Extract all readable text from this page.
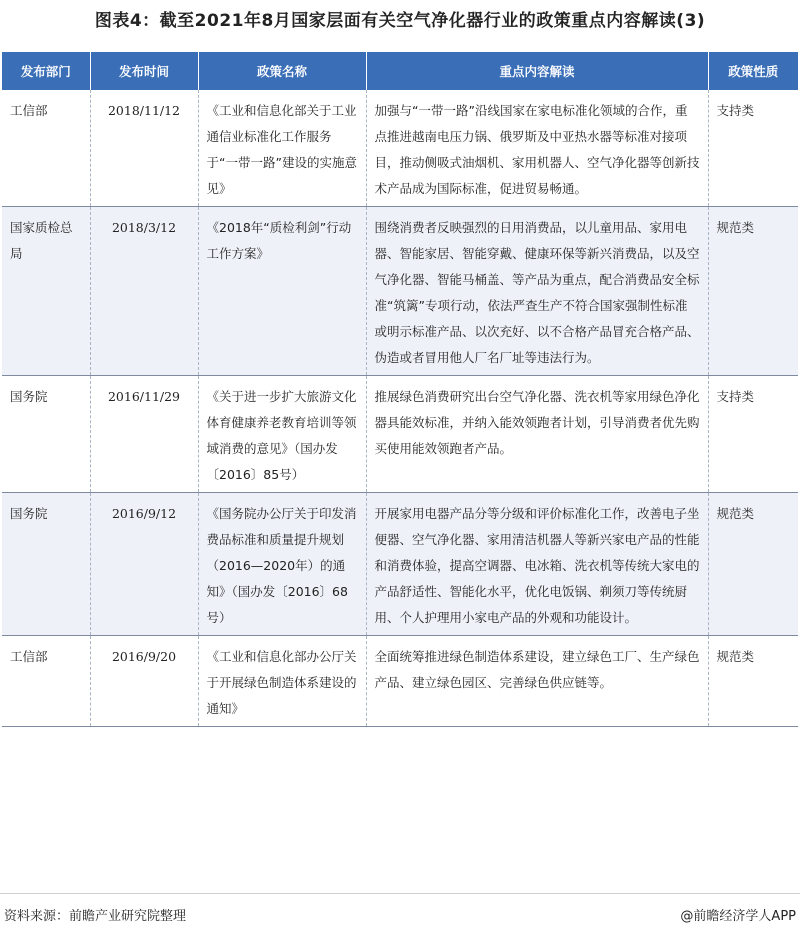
图表4：截至2021年8月国家层面有关空气净化器行业的政策重点内容解读(3)
发布部门	发布时间	政策名称	重点内容解读	政策性质
工信部	2018/11/12	《工业和信息化部关于工业通信业标准化工作服务于“一带一路”建设的实施意见》	加强与“一带一路”沿线国家在家电标准化领域的合作，重点推进越南电压力锅、俄罗斯及中亚热水器等标准对接项目，推动侧吸式油烟机、家用机器人、空气净化器等创新技术产品成为国际标准，促进贸易畅通。	支持类
国家质检总局	2018/3/12	《2018年“质检利剑”行动工作方案》	围绕消费者反映强烈的日用消费品，以儿童用品、家用电器、智能家居、智能穿戴、健康环保等新兴消费品，以及空气净化器、智能马桶盖、等产品为重点，配合消费品安全标准“筑篱”专项行动，依法严查生产不符合国家强制性标准或明示标准产品、以次充好、以不合格产品冒充合格产品、伪造或者冒用他人厂名厂址等违法行为。	规范类
国务院	2016/11/29	《关于进一步扩大旅游文化体育健康养老教育培训等领域消费的意见》（国办发〔2016〕85号）	推展绿色消费研究出台空气净化器、洗衣机等家用绿色净化器具能效标准，并纳入能效领跑者计划，引导消费者优先购买使用能效领跑者产品。	支持类
国务院	2016/9/12	《国务院办公厅关于印发消费品标准和质量提升规划（2016—2020年）的通知》（国办发〔2016〕68号）	开展家用电器产品分等分级和评价标准化工作，改善电子坐便器、空气净化器、家用清洁机器人等新兴家电产品的性能和消费体验，提高空调器、电冰箱、洗衣机等传统大家电的产品舒适性、智能化水平，优化电饭锅、剃须刀等传统厨用、个人护理用小家电产品的外观和功能设计。	规范类
工信部	2016/9/20	《工业和信息化部办公厅关于开展绿色制造体系建设的通知》	全面统筹推进绿色制造体系建设，建立绿色工厂、生产绿色产品、建立绿色园区、完善绿色供应链等。	规范类
资料来源：前瞻产业研究院整理	@前瞻经济学人APP
